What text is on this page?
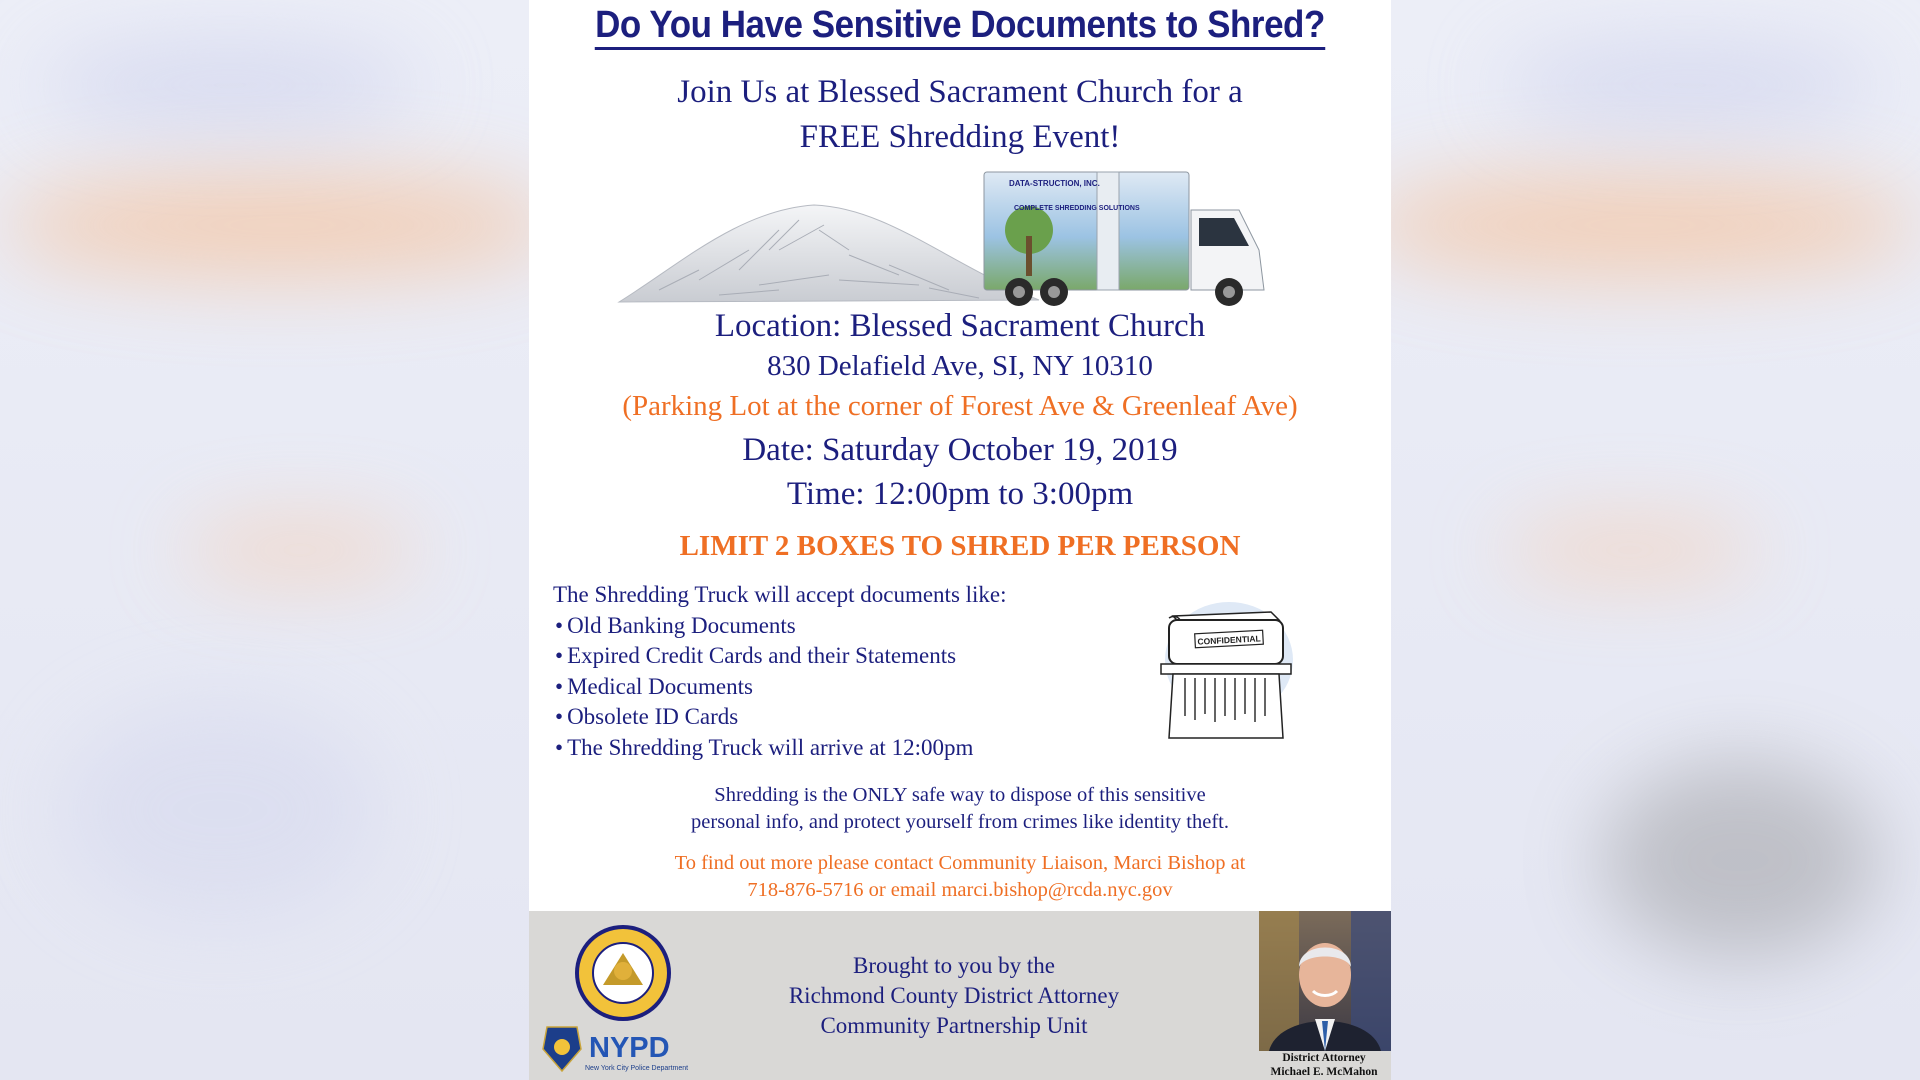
Do You Have Sensitive Documents to Shred?
Join Us at Blessed Sacrament Church for a
FREE Shredding Event!
DATA-STRUCTION, INC.
COMPLETE SHREDDING SOLUTIONS
Location: Blessed Sacrament Church
830 Delafield Ave, SI, NY 10310
(Parking Lot at the corner of Forest Ave & Greenleaf Ave)
Date: Saturday October 19, 2019
Time: 12:00pm to 3:00pm
LIMIT 2 BOXES TO SHRED PER PERSON
The Shredding Truck will accept documents like:
• Old Banking Documents
• Expired Credit Cards and their Statements
• Medical Documents
• Obsolete ID Cards
• The Shredding Truck will arrive at 12:00pm
CONFIDENTIAL
Shredding is the ONLY safe way to dispose of this sensitive
personal info, and protect yourself from crimes like identity theft.
To find out more please contact Community Liaison, Marci Bishop at
718-876-5716 or email marci.bishop@rcda.nyc.gov
NYPD
New York City Police Department
Brought to you by the
Richmond County District Attorney
Community Partnership Unit
District Attorney
Michael E. McMahon
